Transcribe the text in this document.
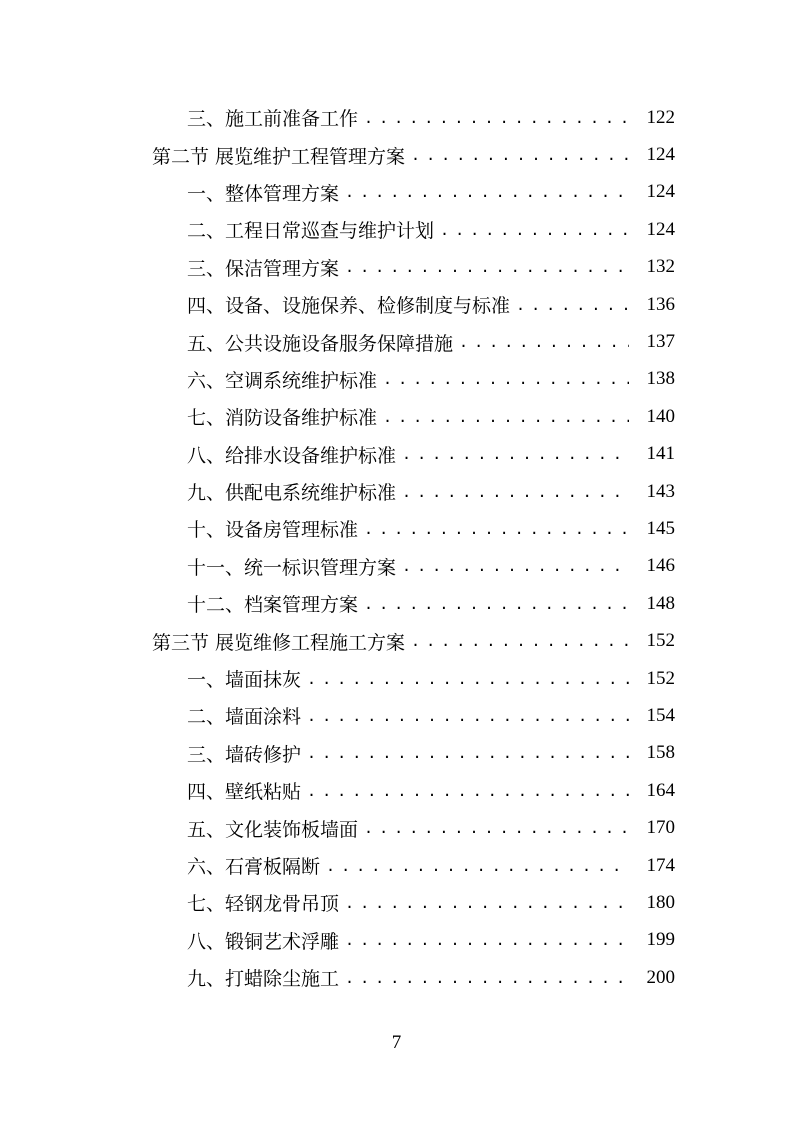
三、施工前准备工作 . . .	122
第二节 展览维护工程管理方案 . . .	124
一、整体管理方案 . . .	124
二、工程日常巡查与维护计划 . . .	124
三、保洁管理方案 . . .	132
四、设备、设施保养、检修制度与标准 . . .	136
五、公共设施设备服务保障措施 . . .	137
六、空调系统维护标准 . . .	138
七、消防设备维护标准 . . .	140
八、给排水设备维护标准 . . .	141
九、供配电系统维护标准 . . .	143
十、设备房管理标准 . . .	145
十一、统一标识管理方案 . . .	146
十二、档案管理方案 . . .	148
第三节 展览维修工程施工方案 . . .	152
一、墙面抹灰 . . .	152
二、墙面涂料 . . .	154
三、墙砖修护 . . .	158
四、壁纸粘贴 . . .	164
五、文化装饰板墙面 . . .	170
六、石膏板隔断 . . .	174
七、轻钢龙骨吊顶 . . .	180
八、锻铜艺术浮雕 . . .	199
九、打蜡除尘施工 . . .	200
7
